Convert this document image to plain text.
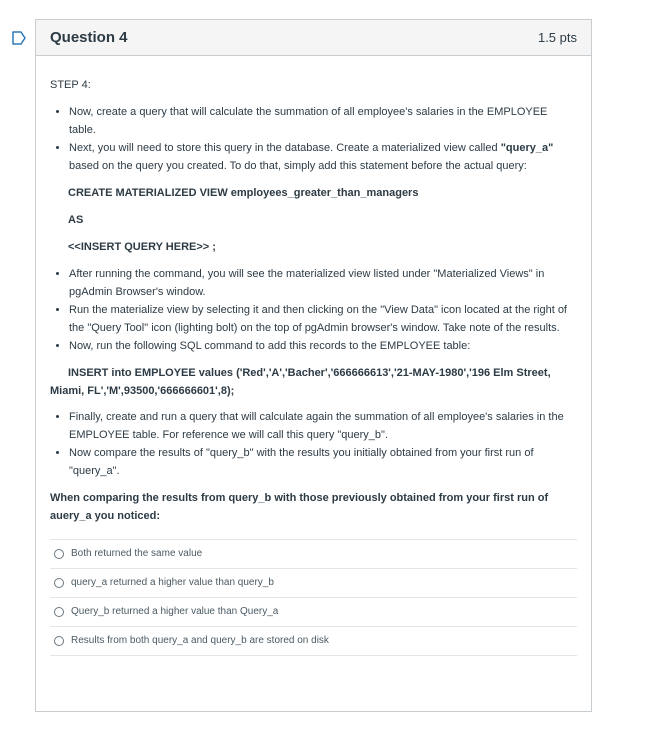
Question 4	1.5 pts
STEP 4:
• Now, create a query that will calculate the summation of all employee's salaries in the EMPLOYEE table.
• Next, you will need to store this query in the database. Create a materialized view called "query_a" based on the query you created. To do that, simply add this statement before the actual query:
CREATE MATERIALIZED VIEW employees_greater_than_managers
AS
<<INSERT QUERY HERE>> ;
• After running the command, you will see the materialized view listed under "Materialized Views" in pgAdmin Browser's window.
• Run the materialize view by selecting it and then clicking on the "View Data" icon located at the right of the "Query Tool" icon (lighting bolt) on the top of pgAdmin browser's window. Take note of the results.
• Now, run the following SQL command to add this records to the EMPLOYEE table:
INSERT into EMPLOYEE values ('Red','A','Bacher','666666613','21-MAY-1980','196 Elm Street, Miami, FL','M',93500,'666666601',8);
• Finally, create and run a query that will calculate again the summation of all employee's salaries in the EMPLOYEE table. For reference we will call this query "query_b".
• Now compare the results of "query_b" with the results you initially obtained from your first run of "query_a".
When comparing the results from query_b with those previously obtained from your first run of auery_a you noticed:
Both returned the same value
query_a returned a higher value than query_b
Query_b returned a higher value than Query_a
Results from both query_a and query_b are stored on disk
